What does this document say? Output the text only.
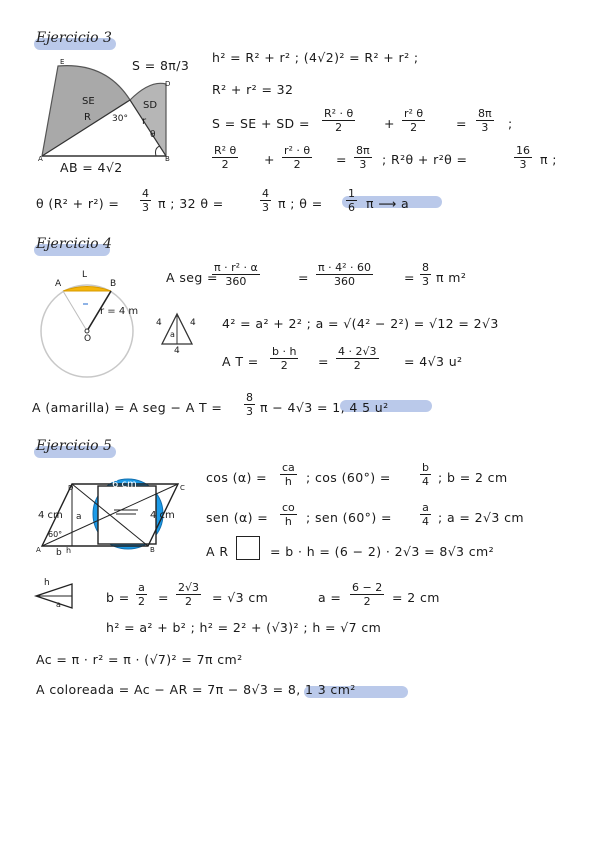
Ejercicio 3
S = 8π/3
SE	SD
R	r
30°
θ
E
D
A	B
AB = 4√2
h² = R² + r² ; (4√2)² = R² + r² ;
R² + r² = 32
S = SE + SD = $\frac{\text{R² · θ}}{2} + \frac{\text{r² θ}}{2} = \frac{8\pi}{3}$ ;
$\frac{\text{R² θ}}{2} + \frac{\text{r² · θ}}{2} = \frac{8\pi}{3}$ ; R²θ + r²θ =	$\frac{16}{3}$ π ;
θ $(R^2 + r^2) = \frac{4}{3}$ π ; 32 θ =	$\frac{4}{3}$ π ; $\theta = \frac{1}{6}$ π ⟶ a
Ejercicio 4
A
L
B
r = 4 m
O
4	4
4
a
A seg =
$\frac{\text{π · r² · α}}{360}$	= $\frac{\text{π · 4² · 60}}{360} = \frac{8}{3}$ π m²
4² = a² + 2² ; a = √(4² − 2²) = √12 = 2√3
A $T = \frac{b \cdot h}{2} = \frac{4 \cdot 2√3}{2} = 4√3$ u²
A (amarilla) = A seg − A $T = \frac{8}{3}$ π − 4√3 = 1, 4 5 u²
Ejercicio 5
6 cm
6 cm
4 cm	4 cm
60°
a
b h
A	B
C
D
$\cos (\alpha) = \frac{ca}{h}$ ; cos (60°) =	$\frac{b}{4}$ ; b = 2 cm
sen $(\alpha) = \frac{co}{h}$ ; sen (60°) =	$\frac{a}{4}$ ; a = 2√3 cm
A R	= b · h = (6 − 2) · 2√3 = 8√3 cm²
h
a	$b = \frac{a}{2} = \frac{2√3}{2} = √3$ cm	$a = \frac{6 - 2}{2} = 2$ cm
h² = a² + b² ; h² = 2² + (√3)² ; h = √7 cm
Ac = π · r² = π · (√7)² = 7π cm²
A coloreada = Ac − AR = 7π − 8√3 = 8, 1 3 cm²
